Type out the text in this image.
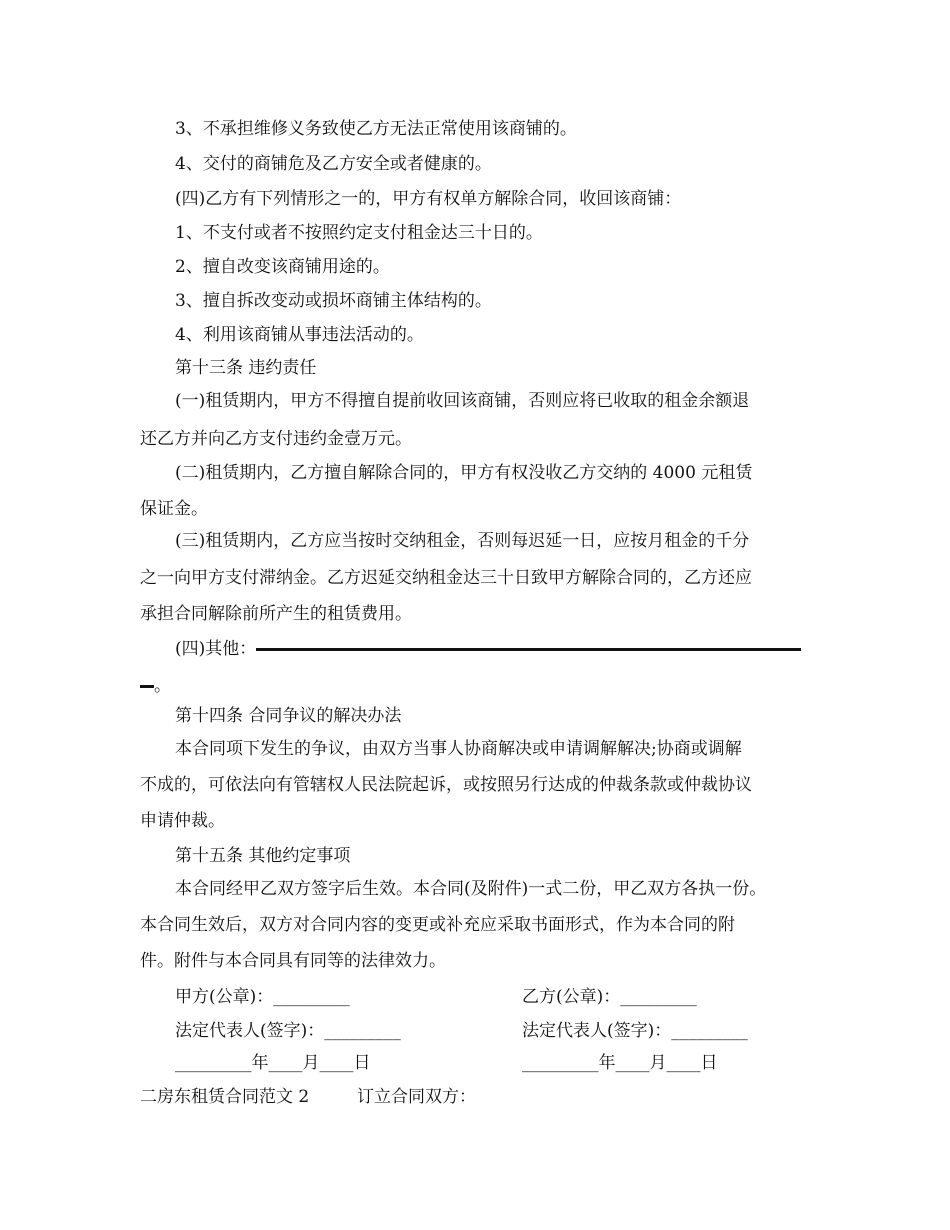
3、不承担维修义务致使乙方无法正常使用该商铺的。
4、交付的商铺危及乙方安全或者健康的。
(四)乙方有下列情形之一的，甲方有权单方解除合同，收回该商铺：
1、不支付或者不按照约定支付租金达三十日的。
2、擅自改变该商铺用途的。
3、擅自拆改变动或损坏商铺主体结构的。
4、利用该商铺从事违法活动的。
第十三条 违约责任
(一)租赁期内，甲方不得擅自提前收回该商铺，否则应将已收取的租金余额退
还乙方并向乙方支付违约金壹万元。
(二)租赁期内，乙方擅自解除合同的，甲方有权没收乙方交纳的 4000 元租赁
保证金。
(三)租赁期内，乙方应当按时交纳租金，否则每迟延一日，应按月租金的千分
之一向甲方支付滞纳金。乙方迟延交纳租金达三十日致甲方解除合同的，乙方还应
承担合同解除前所产生的租赁费用。
(四)其他：
。
第十四条 合同争议的解决办法
本合同项下发生的争议，由双方当事人协商解决或申请调解解决;协商或调解
不成的，可依法向有管辖权人民法院起诉，或按照另行达成的仲裁条款或仲裁协议
申请仲裁。
第十五条 其他约定事项
本合同经甲乙双方签字后生效。本合同(及附件)一式二份，甲乙双方各执一份。
本合同生效后，双方对合同内容的变更或补充应采取书面形式，作为本合同的附
件。附件与本合同具有同等的法律效力。
甲方(公章)：_________	乙方(公章)：_________
法定代表人(签字)：_________	法定代表人(签字)：_________
_________年____月____日	_________年____月____日
二房东租赁合同范文 2	订立合同双方：
